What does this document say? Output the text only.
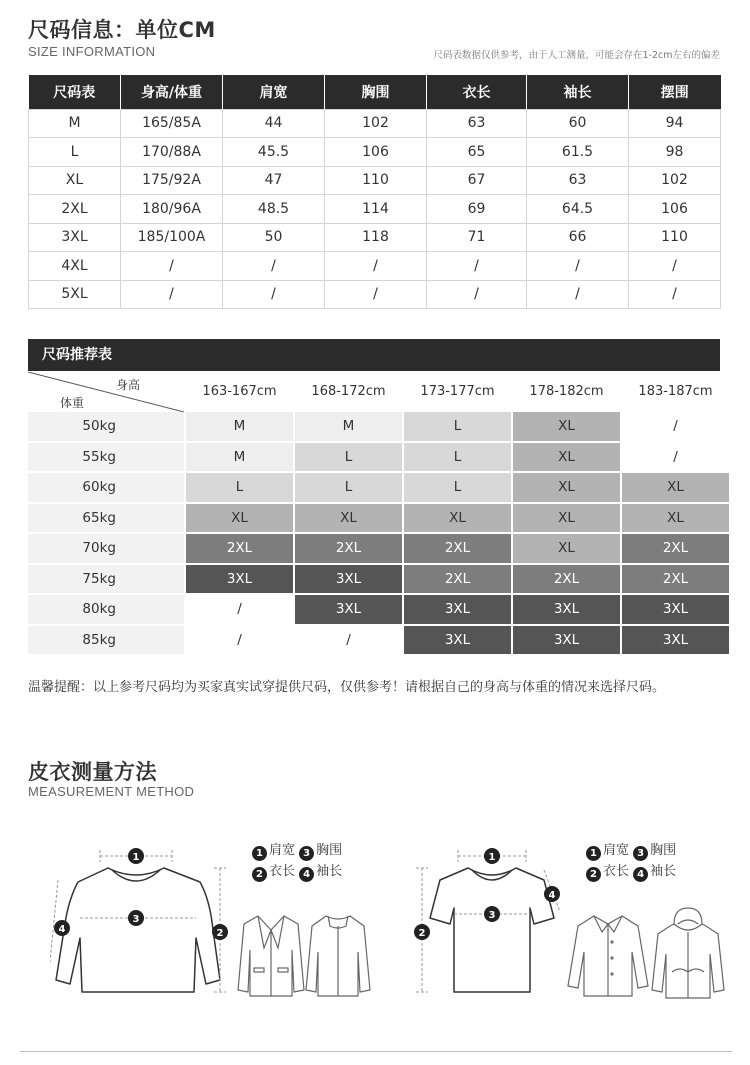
尺码信息：单位CM
SIZE INFORMATION	尺码表数据仅供参考，由于人工测量，可能会存在1-2cm左右的偏差
尺码表	身高/体重	肩宽	胸围	衣长	袖长	摆围
M	165/85A	44	102	63	60	94
L	170/88A	45.5	106	65	61.5	98
XL	175/92A	47	110	67	63	102
2XL	180/96A	48.5	114	69	64.5	106
3XL	185/100A	50	118	71	66	110
4XL	/	/	/	/	/	/
5XL	/	/	/	/	/	/
尺码推荐表
身高
体重
163-167cm	168-172cm	173-177cm	178-182cm	183-187cm
50kg	M	M	L	XL	/
55kg	M	L	L	XL	/
60kg	L	L	L	XL	XL
65kg	XL	XL	XL	XL	XL
70kg	2XL	2XL	2XL	XL	2XL
75kg	3XL	3XL	2XL	2XL	2XL
80kg	/	3XL	3XL	3XL	3XL
85kg	/	/	3XL	3XL	3XL
温馨提醒：以上参考尺码均为买家真实试穿提供尺码，仅供参考！请根据自己的身高与体重的情况来选择尺码。
皮衣测量方法
MEASUREMENT METHOD
1
2
3
4
1 肩宽 3 胸围
2 衣长 4 袖长
1
2
3
4
1 肩宽 3 胸围
2 衣长 4 袖长
